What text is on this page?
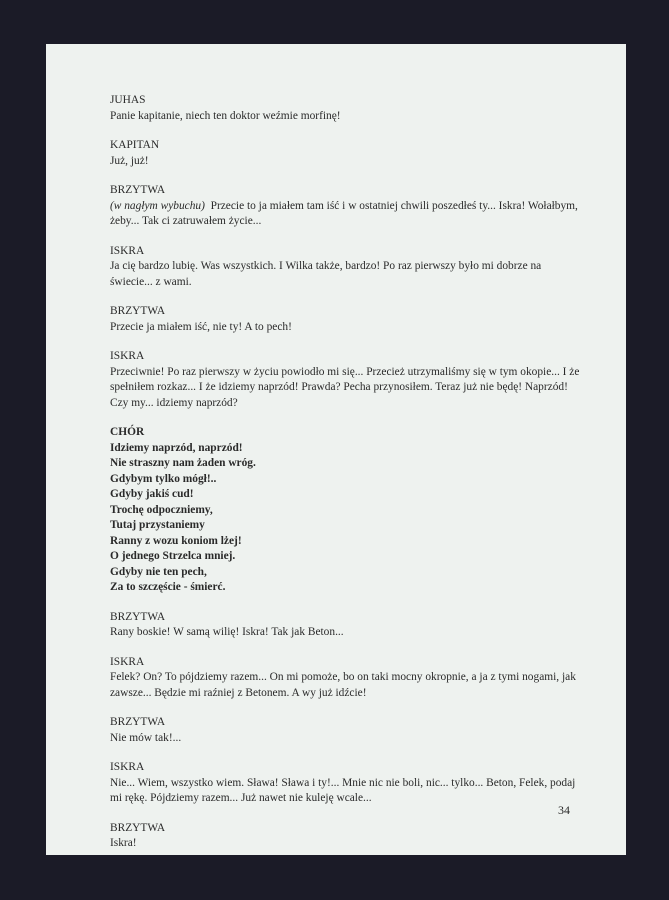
JUHAS
Panie kapitanie, niech ten doktor weźmie morfinę!
KAPITAN
Już, już!
BRZYTWA
(w nagłym wybuchu) Przecie to ja miałem tam iść i w ostatniej chwili poszedłeś ty... Iskra! Wołałbym, żeby... Tak ci zatruwałem życie...
ISKRA
Ja cię bardzo lubię. Was wszystkich. I Wilka także, bardzo! Po raz pierwszy było mi dobrze na świecie... z wami.
BRZYTWA
Przecie ja miałem iść, nie ty! A to pech!
ISKRA
Przeciwnie! Po raz pierwszy w życiu powiodło mi się... Przecież utrzymaliśmy się w tym okopie... I że spełniłem rozkaz... I że idziemy naprzód! Prawda? Pecha przynosiłem. Teraz już nie będę! Naprzód! Czy my... idziemy naprzód?
CHÓR
Idziemy naprzód, naprzód!
Nie straszny nam żaden wróg.
Gdybym tylko mógł!..
Gdyby jakiś cud!
Trochę odpoczniemy,
Tutaj przystaniemy
Ranny z wozu koniom lżej!
O jednego Strzelca mniej.
Gdyby nie ten pech,
Za to szczęście - śmierć.
BRZYTWA
Rany boskie! W samą wilię! Iskra! Tak jak Beton...
ISKRA
Felek? On? To pójdziemy razem... On mi pomoże, bo on taki mocny okropnie, a ja z tymi nogami, jak zawsze... Będzie mi raźniej z Betonem. A wy już idźcie!
BRZYTWA
Nie mów tak!...
ISKRA
Nie... Wiem, wszystko wiem. Sława! Sława i ty!... Mnie nic nie boli, nic... tylko... Beton, Felek, podaj mi rękę. Pójdziemy razem... Już nawet nie kuleję wcale...
BRZYTWA
Iskra!
34
